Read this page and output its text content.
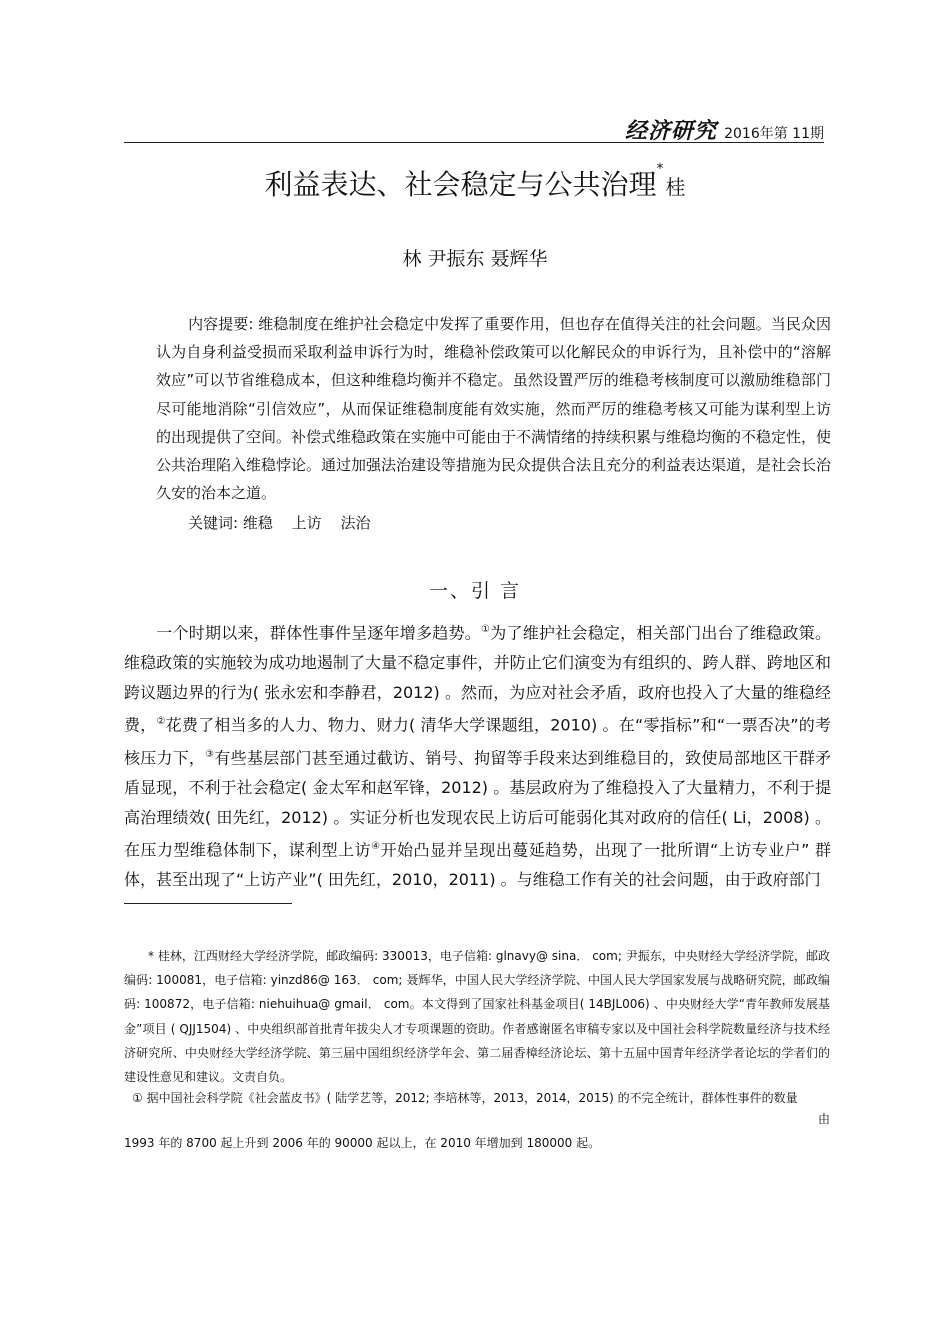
经济研究 2016年第 11期
利益表达、社会稳定与公共治理*桂
林 尹振东 聂辉华

内容提要: 维稳制度在维护社会稳定中发挥了重要作用，但也存在值得关注的社会问题。当民众因认为自身利益受损而采取利益申诉行为时，维稳补偿政策可以化解民众的申诉行为，且补偿中的“溶解效应”可以节省维稳成本，但这种维稳均衡并不稳定。虽然设置严厉的维稳考核制度可以激励维稳部门尽可能地消除“引信效应”，从而保证维稳制度能有效实施，然而严厉的维稳考核又可能为谋利型上访的出现提供了空间。补偿式维稳政策在实施中可能由于不满情绪的持续积累与维稳均衡的不稳定性，使公共治理陷入维稳悖论。通过加强法治建设等措施为民众提供合法且充分的利益表达渠道，是社会长治久安的治本之道。

关键词: 维稳 上访 法治
一、引 言

一个时期以来，群体性事件呈逐年增多趋势。①为了维护社会稳定，相关部门出台了维稳政策。维稳政策的实施较为成功地遏制了大量不稳定事件，并防止它们演变为有组织的、跨人群、跨地区和跨议题边界的行为( 张永宏和李静君，2012) 。然而，为应对社会矛盾，政府也投入了大量的维稳经费，②花费了相当多的人力、物力、财力( 清华大学课题组，2010) 。在“零指标”和“一票否决”的考核压力下，③有些基层部门甚至通过截访、销号、拘留等手段来达到维稳目的，致使局部地区干群矛盾显现，不利于社会稳定( 金太军和赵军锋，2012) 。基层政府为了维稳投入了大量精力，不利于提高治理绩效( 田先红，2012) 。实证分析也发现农民上访后可能弱化其对政府的信任( Li，2008) 。在压力型维稳体制下，谋利型上访④开始凸显并呈现出蔓延趋势，出现了一批所谓“上访专业户” 群体，甚至出现了“上访产业”( 田先红，2010，2011) 。与维稳工作有关的社会问题，由于政府部门

* 桂林，江西财经大学经济学院，邮政编码: 330013，电子信箱: glnavy@ sina． com; 尹振东，中央财经大学经济学院，邮政编码: 100081，电子信箱: yinzd86@ 163． com; 聂辉华，中国人民大学经济学院、中国人民大学国家发展与战略研究院，邮政编码: 100872，电子信箱: niehuihua@ gmail． com。本文得到了国家社科基金项目( 14BJL006) 、中央财经大学“青年教师发展基金”项目 ( QJJ1504) 、中央组织部首批青年拔尖人才专项课题的资助。作者感谢匿名审稿专家以及中国社会科学院数量经济与技术经济研究所、中央财经大学经济学院、第三届中国组织经济学年会、第二届香樟经济论坛、第十五届中国青年经济学者论坛的学者们的建设性意见和建议。文责自负。

① 据中国社会科学院《社会蓝皮书》( 陆学艺等，2012; 李培林等，2013，2014，2015) 的不完全统计，群体性事件的数量

由
1993 年的 8700 起上升到 2006 年的 90000 起以上，在 2010 年增加到 180000 起。
